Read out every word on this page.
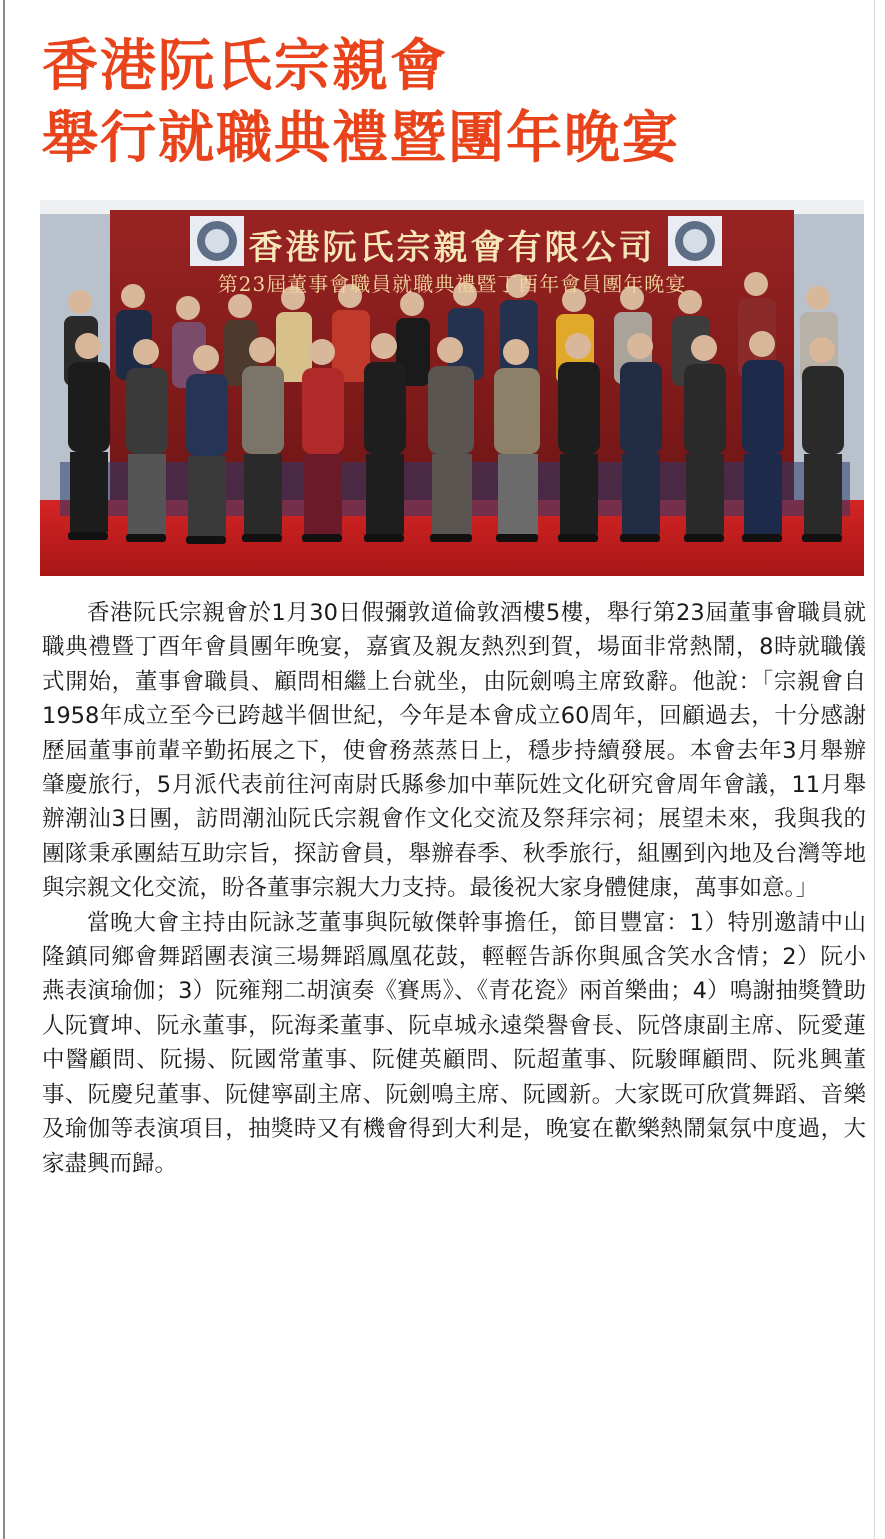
香港阮氏宗親會
舉行就職典禮暨團年晚宴
香港阮氏宗親會有限公司
第23屆董事會職員就職典禮暨丁酉年會員團年晚宴

香港阮氏宗親會於1月30日假彌敦道倫敦酒樓5樓，舉行第23屆董事會職員就職典禮暨丁酉年會員團年晚宴，嘉賓及親友熱烈到賀，場面非常熱鬧，8時就職儀式開始，董事會職員、顧問相繼上台就坐，由阮劍鳴主席致辭。他說：「宗親會自1958年成立至今已跨越半個世紀，今年是本會成立60周年，回顧過去，十分感謝歷屆董事前輩辛勤拓展之下，使會務蒸蒸日上，穩步持續發展。本會去年3月舉辦肇慶旅行，5月派代表前往河南尉氏縣參加中華阮姓文化研究會周年會議，11月舉辦潮汕3日團，訪問潮汕阮氏宗親會作文化交流及祭拜宗祠；展望未來，我與我的團隊秉承團結互助宗旨，探訪會員，舉辦春季、秋季旅行，組團到內地及台灣等地與宗親文化交流，盼各董事宗親大力支持。最後祝大家身體健康，萬事如意。」

當晚大會主持由阮詠芝董事與阮敏傑幹事擔任，節目豐富：1）特別邀請中山隆鎮同鄉會舞蹈團表演三場舞蹈鳳凰花鼓，輕輕告訴你與風含笑水含情；2）阮小燕表演瑜伽；3）阮雍翔二胡演奏《賽馬》、《青花瓷》兩首樂曲；4）鳴謝抽獎贊助人阮寶坤、阮永董事，阮海柔董事、阮卓城永遠榮譽會長、阮啓康副主席、阮愛蓮中醫顧問、阮揚、阮國常董事、阮健英顧問、阮超董事、阮駿暉顧問、阮兆興董事、阮慶兒董事、阮健寧副主席、阮劍鳴主席、阮國新。大家既可欣賞舞蹈、音樂及瑜伽等表演項目，抽獎時又有機會得到大利是，晚宴在歡樂熱鬧氣氛中度過，大家盡興而歸。
